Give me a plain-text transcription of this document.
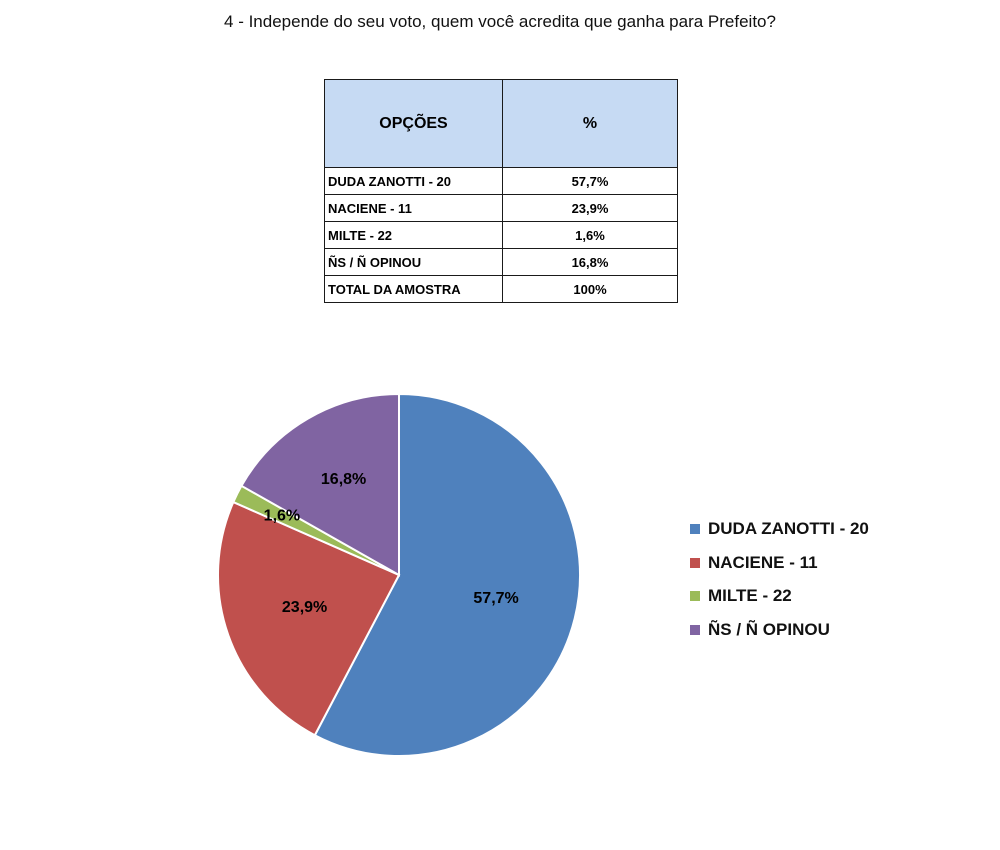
4 - Independe do seu voto, quem você acredita que ganha para Prefeito?
OPÇÕES	%
DUDA ZANOTTI - 20	57,7%
NACIENE - 11	23,9%
MILTE - 22	1,6%
ÑS / Ñ OPINOU	16,8%
TOTAL DA AMOSTRA	100%
57,7%
23,9%
1,6%
16,8%
DUDA ZANOTTI - 20
NACIENE - 11
MILTE - 22
ÑS / Ñ OPINOU
